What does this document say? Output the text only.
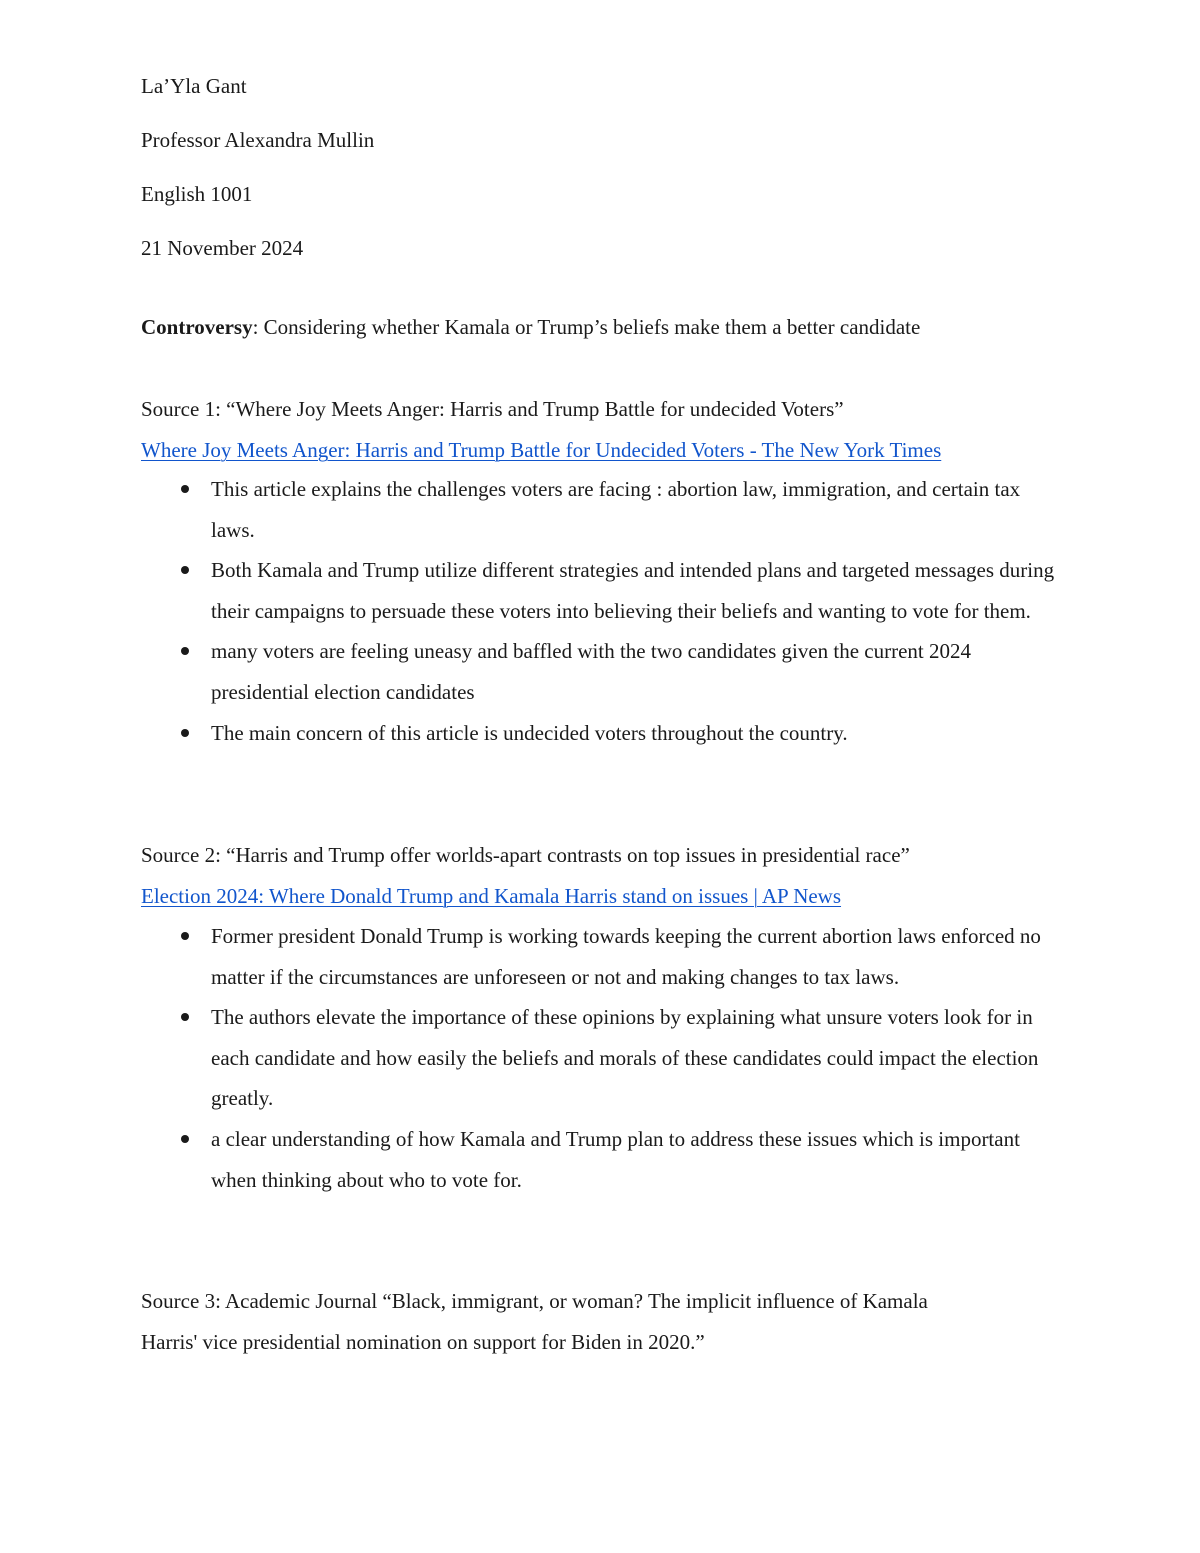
La’Yla Gant
Professor Alexandra Mullin
English 1001
21 November 2024
Controversy: Considering whether Kamala or Trump’s beliefs make them a better candidate
Source 1: “Where Joy Meets Anger: Harris and Trump Battle for undecided Voters”
Where Joy Meets Anger: Harris and Trump Battle for Undecided Voters - The New York Times
This article explains the challenges voters are facing : abortion law, immigration, and certain tax laws.
Both Kamala and Trump utilize different strategies and intended plans and targeted messages during their campaigns to persuade these voters into believing their beliefs and wanting to vote for them.
many voters are feeling uneasy and baffled with the two candidates given the current 2024 presidential election candidates
The main concern of this article is undecided voters throughout the country.
Source 2: “Harris and Trump offer worlds-apart contrasts on top issues in presidential race”
Election 2024: Where Donald Trump and Kamala Harris stand on issues | AP News
Former president Donald Trump is working towards keeping the current abortion laws enforced no matter if the circumstances are unforeseen or not and making changes to tax laws.
The authors elevate the importance of these opinions by explaining what unsure voters look for in each candidate and how easily the beliefs and morals of these candidates could impact the election greatly.
a clear understanding of how Kamala and Trump plan to address these issues which is important when thinking about who to vote for.
Source 3: Academic Journal “Black, immigrant, or woman? The implicit influence of Kamala
Harris' vice presidential nomination on support for Biden in 2020.”
